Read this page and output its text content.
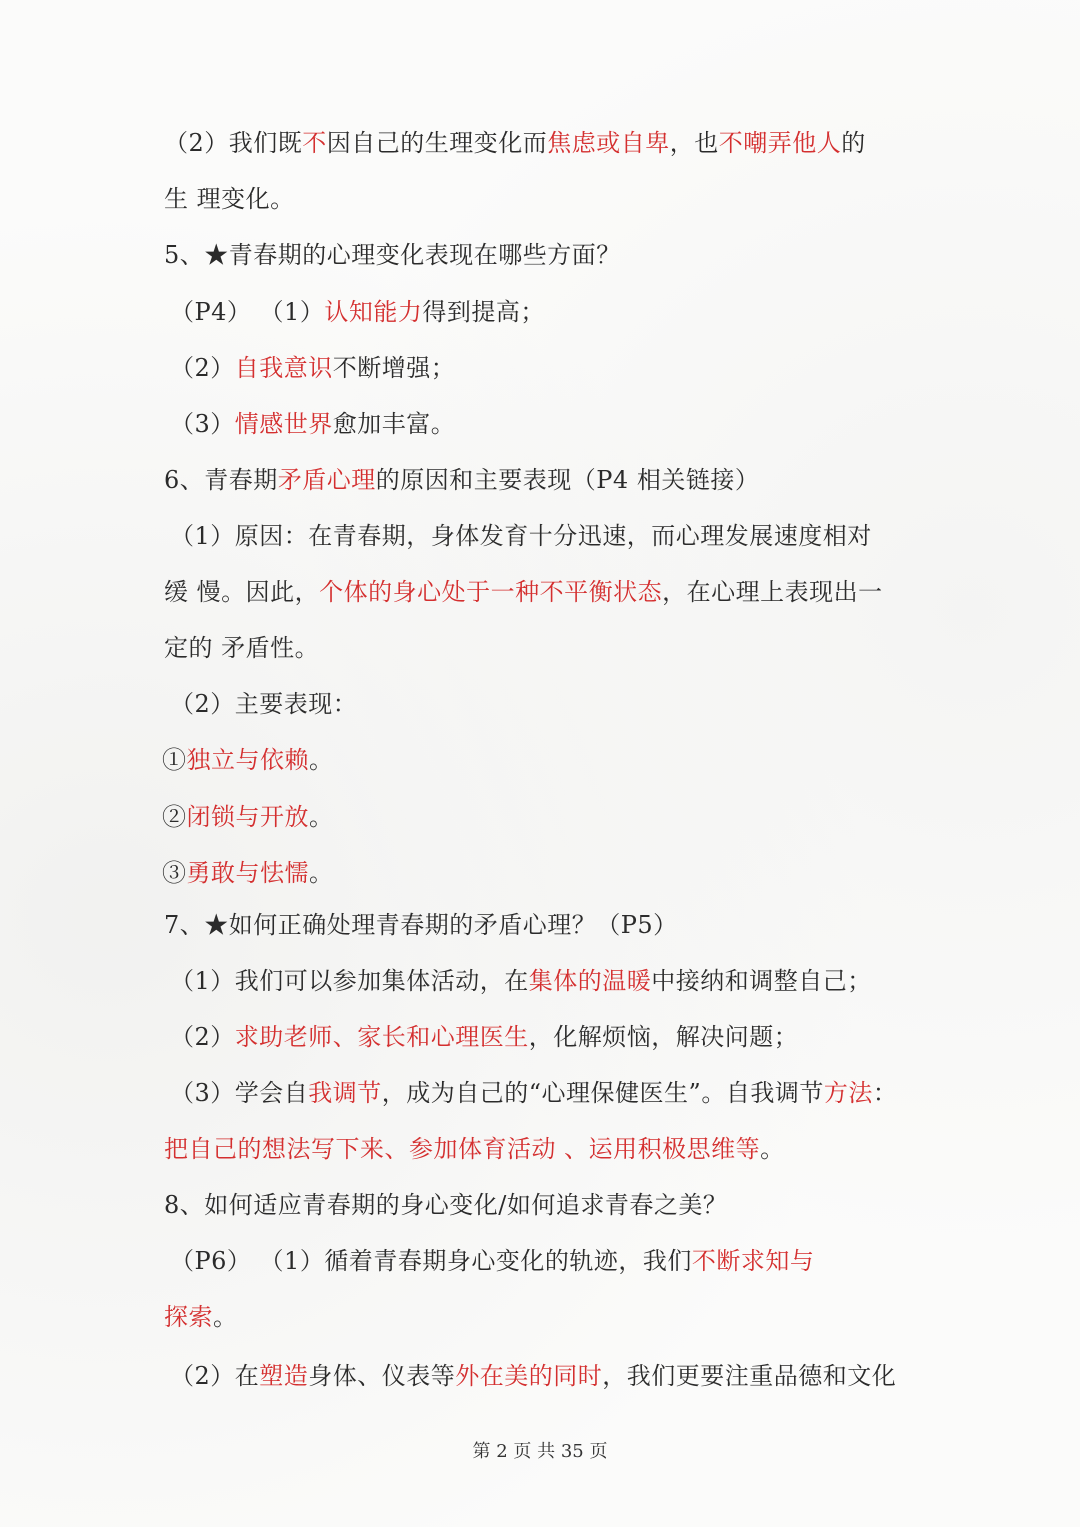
（2）我们既不因自己的生理变化而焦虑或自卑，也不嘲弄他人的
生 理变化。
5、★青春期的心理变化表现在哪些方面？
（P4） （1）认知能力得到提高；
（2）自我意识不断增强；
（3）情感世界愈加丰富。
6、青春期矛盾心理的原因和主要表现（P4 相关链接）
（1）原因：在青春期，身体发育十分迅速，而心理发展速度相对
缓 慢。因此，个体的身心处于一种不平衡状态，在心理上表现出一
定的 矛盾性。
（2）主要表现：
①独立与依赖。
②闭锁与开放。
③勇敢与怯懦。
7、★如何正确处理青春期的矛盾心理？（P5）
（1）我们可以参加集体活动，在集体的温暖中接纳和调整自己；
（2）求助老师、家长和心理医生，化解烦恼，解决问题；
（3）学会自我调节，成为自己的“心理保健医生”。自我调节方法：
把自己的想法写下来、参加体育活动 、运用积极思维等。
8、如何适应青春期的身心变化/如何追求青春之美？
（P6） （1）循着青春期身心变化的轨迹，我们不断求知与
探索。
（2）在塑造身体、仪表等外在美的同时，我们更要注重品德和文化
第 2 页 共 35 页
